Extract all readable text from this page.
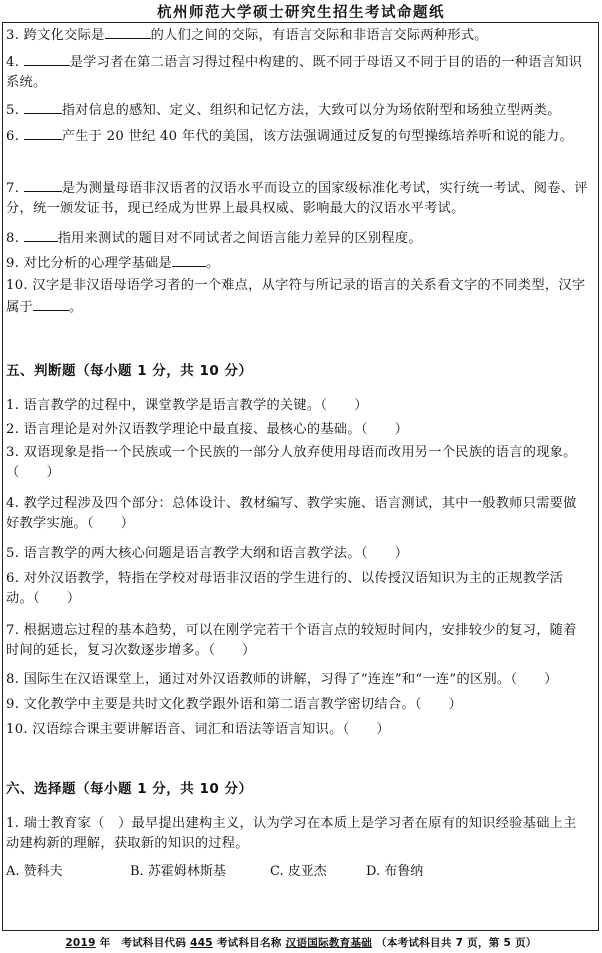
杭州师范大学硕士研究生招生考试命题纸
3. 跨文化交际是	的人们之间的交际，有语言交际和非语言交际两种形式。
4.	是学习者在第二语言习得过程中构建的、既不同于母语又不同于目的语的一种语言知识系统。
5.	指对信息的感知、定义、组织和记忆方法，大致可以分为场依附型和场独立型两类。
6.	产生于 20 世纪 40 年代的美国，该方法强调通过反复的句型操练培养听和说的能力。
7.	是为测量母语非汉语者的汉语水平而设立的国家级标准化考试，实行统一考试、阅卷、评分，统一颁发证书，现已经成为世界上最具权威、影响最大的汉语水平考试。
8.	指用来测试的题目对不同试者之间语言能力差异的区别程度。
9. 对比分析的心理学基础是	。
10. 汉字是非汉语母语学习者的一个难点，从字符与所记录的语言的关系看文字的不同类型，汉字属于	。
五、判断题（每小题 1 分，共 10 分）
1. 语言教学的过程中，课堂教学是语言教学的关键。（　　）
2. 语言理论是对外汉语教学理论中最直接、最核心的基础。（　　）
3. 双语现象是指一个民族或一个民族的一部分人放弃使用母语而改用另一个民族的语言的现象。（　　）
4. 教学过程涉及四个部分：总体设计、教材编写、教学实施、语言测试，其中一般教师只需要做好教学实施。（　　）
5. 语言教学的两大核心问题是语言教学大纲和语言教学法。（　　）
6. 对外汉语教学，特指在学校对母语非汉语的学生进行的、以传授汉语知识为主的正规教学活动。（　　）
7. 根据遗忘过程的基本趋势，可以在刚学完若干个语言点的较短时间内，安排较少的复习，随着时间的延长，复习次数逐步增多。（　　）
8. 国际生在汉语课堂上，通过对外汉语教师的讲解，习得了“连连”和“一连”的区别。（　　）
9. 文化教学中主要是共时文化教学跟外语和第二语言教学密切结合。（　　）
10. 汉语综合课主要讲解语音、词汇和语法等语言知识。（　　）
六、选择题（每小题 1 分，共 10 分）
1. 瑞士教育家（　）最早提出建构主义，认为学习在本质上是学习者在原有的知识经验基础上主动建构新的理解，获取新的知识的过程。
A. 赞科夫	B. 苏霍姆林斯基	C. 皮亚杰	D. 布鲁纳
2019 年　考试科目代码 445 考试科目名称 汉语国际教育基础 （本考试科目共 7 页，第 5 页）
